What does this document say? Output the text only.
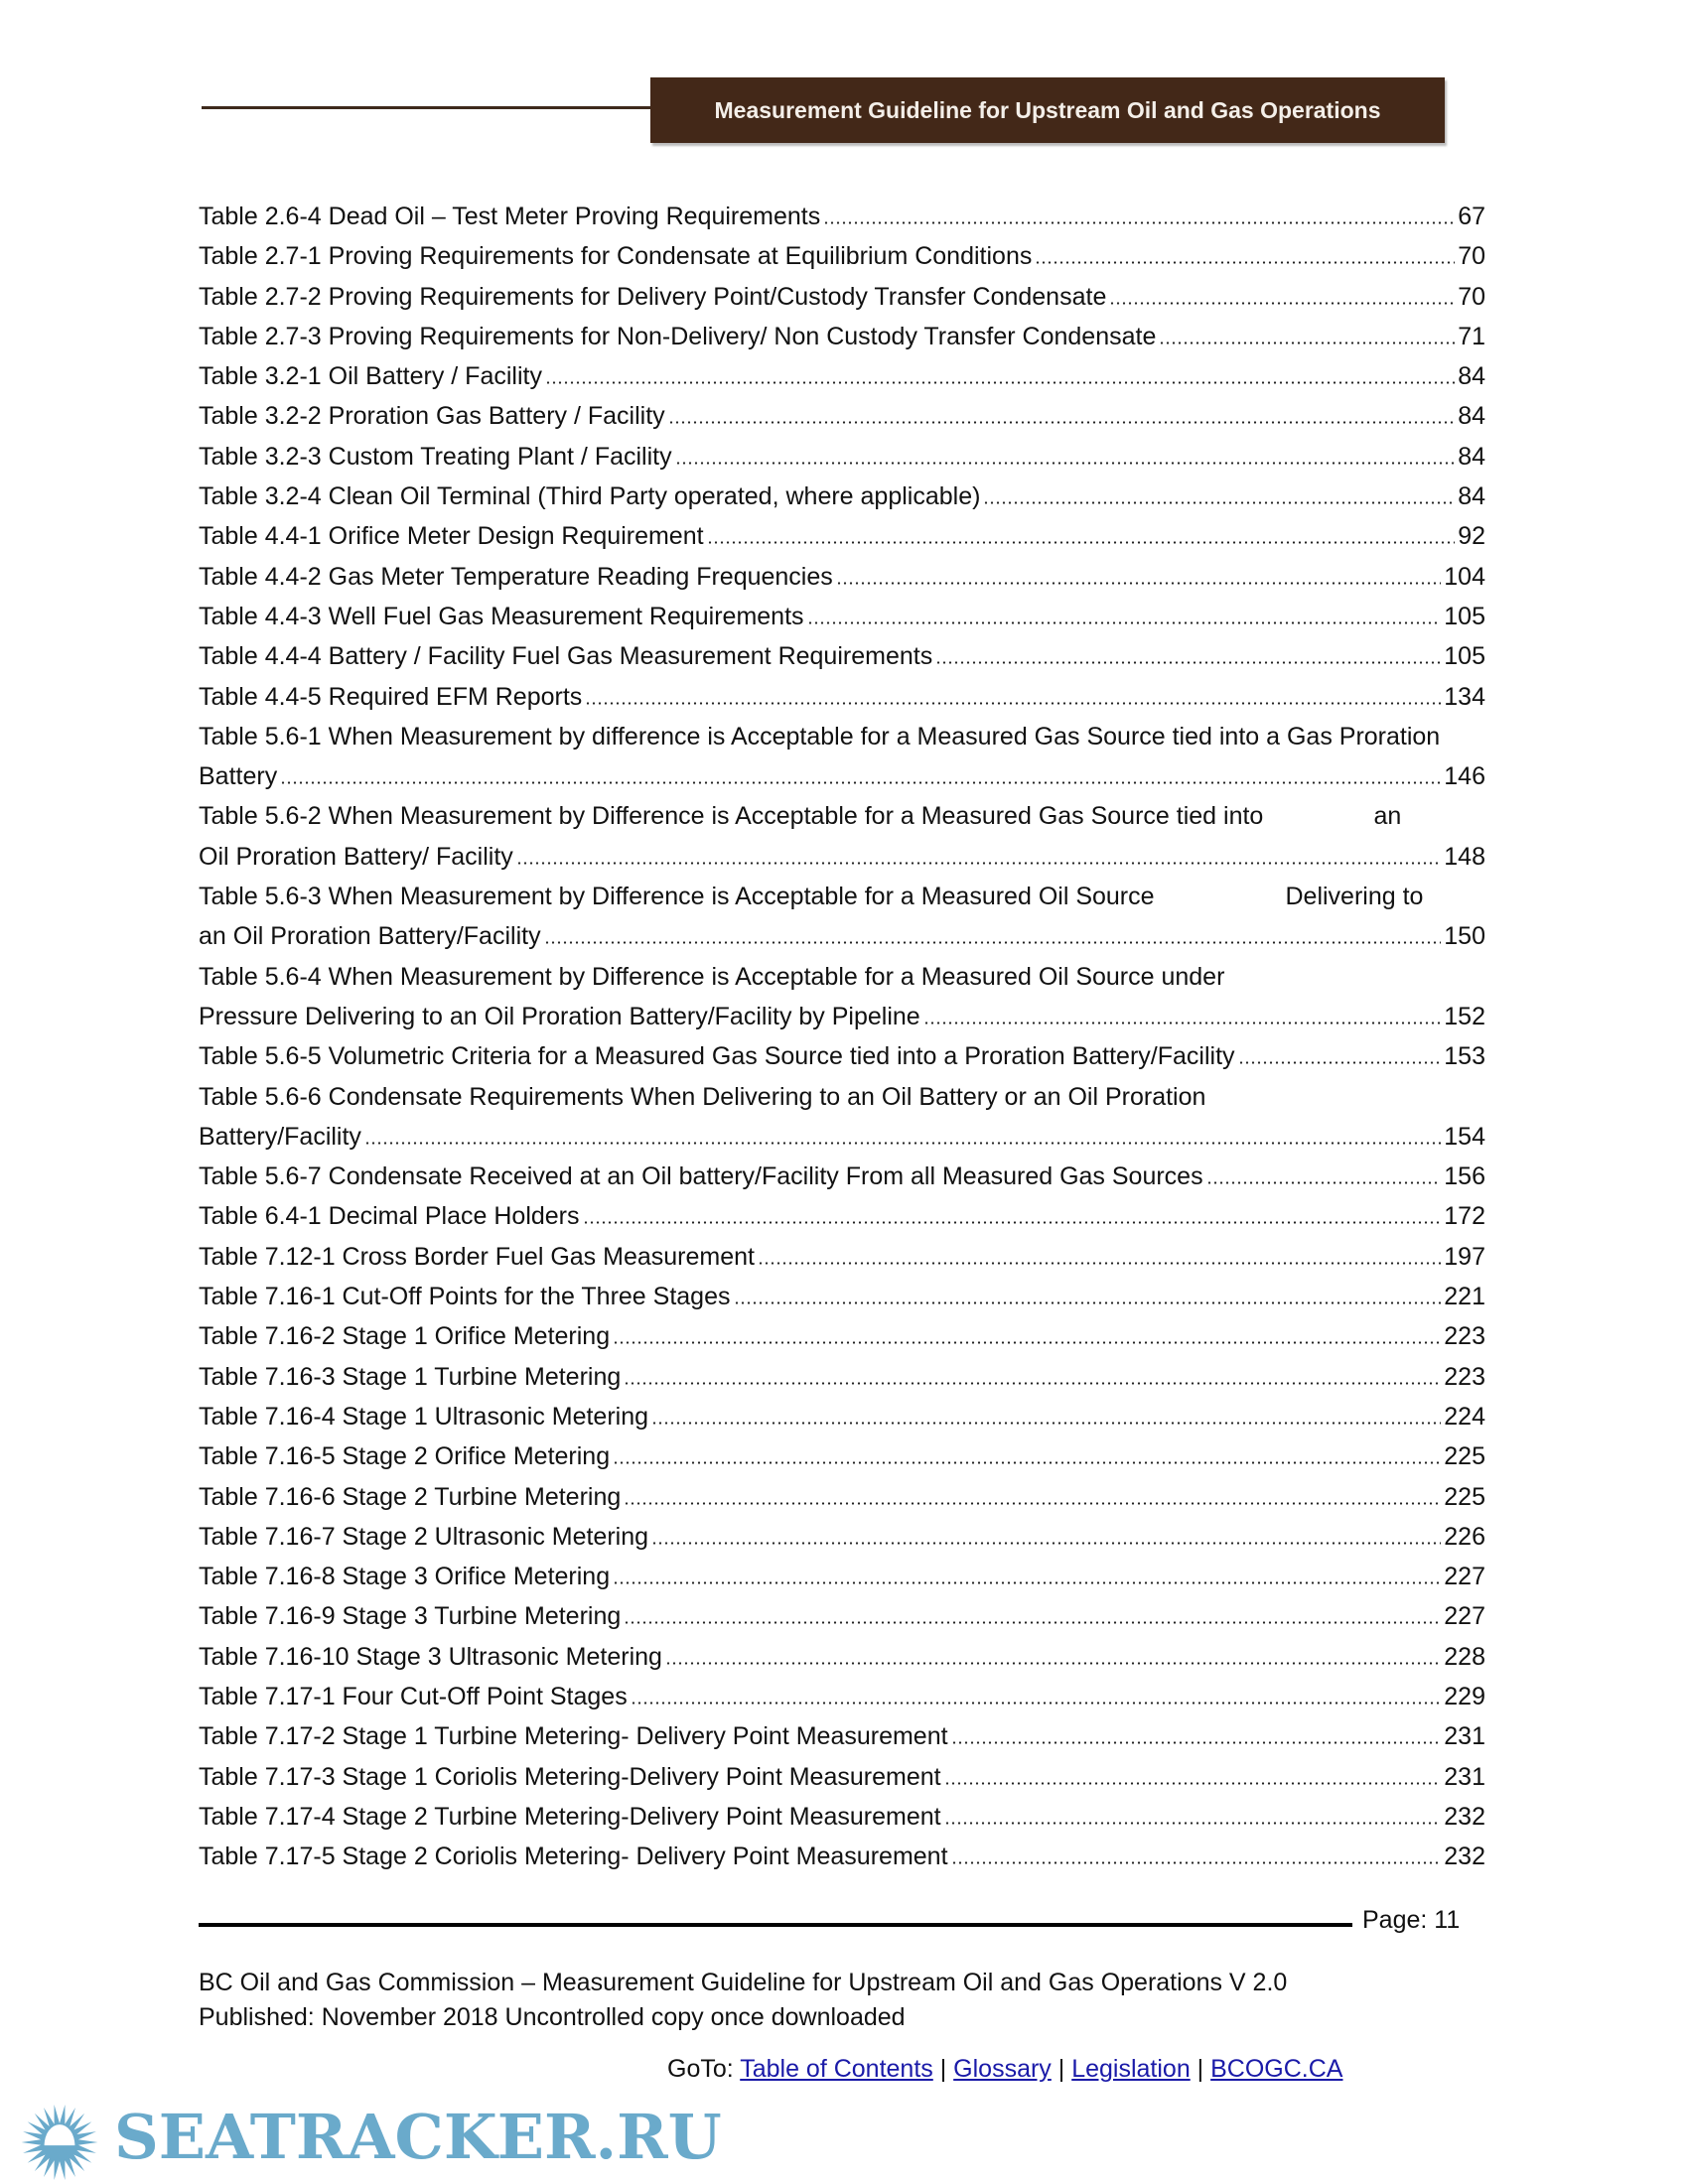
Measurement Guideline for Upstream Oil and Gas Operations
Table 2.6-4 Dead Oil – Test Meter Proving Requirements	67
Table 2.7-1 Proving Requirements for Condensate at Equilibrium Conditions	70
Table 2.7-2 Proving Requirements for Delivery Point/Custody Transfer Condensate	70
Table 2.7-3 Proving Requirements for Non-Delivery/ Non Custody Transfer Condensate	71
Table 3.2-1 Oil Battery / Facility	84
Table 3.2-2 Proration Gas Battery / Facility	84
Table 3.2-3 Custom Treating Plant / Facility	84
Table 3.2-4 Clean Oil Terminal (Third Party operated, where applicable)	84
Table 4.4-1 Orifice Meter Design Requirement	92
Table 4.4-2 Gas Meter Temperature Reading Frequencies	104
Table 4.4-3 Well Fuel Gas Measurement Requirements	105
Table 4.4-4 Battery / Facility Fuel Gas Measurement Requirements	105
Table 4.4-5 Required EFM Reports	134
Table 5.6-1 When Measurement by difference is Acceptable for a Measured Gas Source tied into a Gas Proration
Battery	146
Table 5.6-2 When Measurement by Difference is Acceptable for a Measured Gas Source tied into                an
Oil Proration Battery/ Facility	148
Table 5.6-3 When Measurement by Difference is Acceptable for a Measured Oil Source                   Delivering to
an Oil Proration Battery/Facility	150
Table 5.6-4 When Measurement by Difference is Acceptable for a Measured Oil Source under
Pressure Delivering to an Oil Proration Battery/Facility by Pipeline	152
Table 5.6-5 Volumetric Criteria for a Measured Gas Source tied into a Proration Battery/Facility	153
Table 5.6-6 Condensate Requirements When Delivering to an Oil Battery or an Oil Proration
Battery/Facility	154
Table 5.6-7 Condensate Received at an Oil battery/Facility From all Measured Gas Sources	156
Table 6.4-1 Decimal Place Holders	172
Table 7.12-1 Cross Border Fuel Gas Measurement	197
Table 7.16-1 Cut-Off Points for the Three Stages	221
Table 7.16-2 Stage 1 Orifice Metering	223
Table 7.16-3 Stage 1 Turbine Metering	223
Table 7.16-4 Stage 1 Ultrasonic Metering	224
Table 7.16-5 Stage 2 Orifice Metering	225
Table 7.16-6 Stage 2 Turbine Metering	225
Table 7.16-7 Stage 2 Ultrasonic Metering	226
Table 7.16-8 Stage 3 Orifice Metering	227
Table 7.16-9 Stage 3 Turbine Metering	227
Table 7.16-10 Stage 3 Ultrasonic Metering	228
Table 7.17-1 Four Cut-Off Point Stages	229
Table 7.17-2 Stage 1 Turbine Metering- Delivery Point Measurement	231
Table 7.17-3 Stage 1 Coriolis Metering-Delivery Point Measurement	231
Table 7.17-4 Stage 2 Turbine Metering-Delivery Point Measurement	232
Table 7.17-5 Stage 2 Coriolis Metering- Delivery Point Measurement	232
Page: 11
BC Oil and Gas Commission – Measurement Guideline for Upstream Oil and Gas Operations V 2.0
Published: November 2018 Uncontrolled copy once downloaded
GoTo: Table of Contents | Glossary | Legislation | BCOGC.CA
SEATRACKER.RU
